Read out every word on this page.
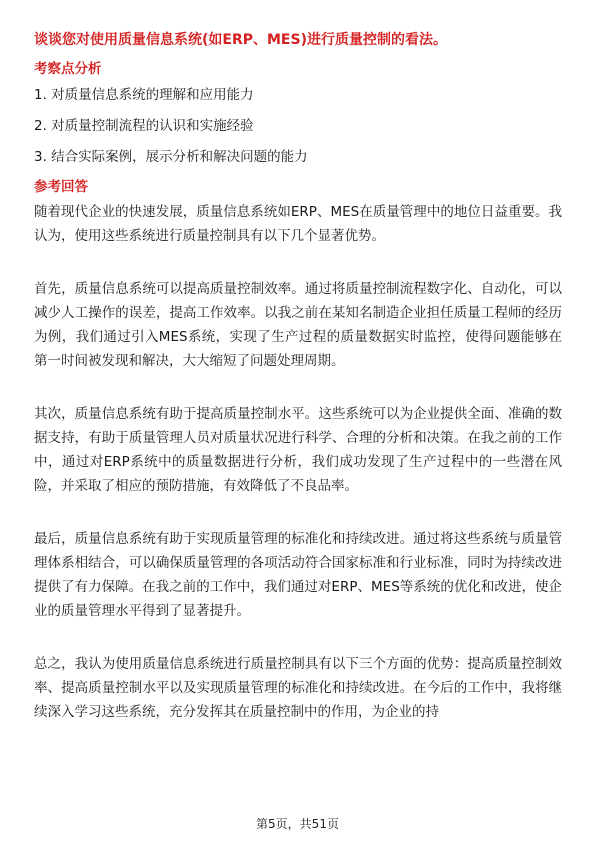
谈谈您对使用质量信息系统(如ERP、MES)进行质量控制的看法。
考察点分析
1. 对质量信息系统的理解和应用能力
2. 对质量控制流程的认识和实施经验
3. 结合实际案例，展示分析和解决问题的能力
参考回答

随着现代企业的快速发展，质量信息系统如ERP、MES在质量管理中的地位日益重要。我认为，使用这些系统进行质量控制具有以下几个显著优势。

首先，质量信息系统可以提高质量控制效率。通过将质量控制流程数字化、自动化，可以减少人工操作的误差，提高工作效率。以我之前在某知名制造企业担任质量工程师的经历为例，我们通过引入MES系统，实现了生产过程的质量数据实时监控，使得问题能够在第一时间被发现和解决，大大缩短了问题处理周期。

其次，质量信息系统有助于提高质量控制水平。这些系统可以为企业提供全面、准确的数据支持，有助于质量管理人员对质量状况进行科学、合理的分析和决策。在我之前的工作中，通过对ERP系统中的质量数据进行分析，我们成功发现了生产过程中的一些潜在风险，并采取了相应的预防措施，有效降低了不良品率。

最后，质量信息系统有助于实现质量管理的标准化和持续改进。通过将这些系统与质量管理体系相结合，可以确保质量管理的各项活动符合国家标准和行业标准，同时为持续改进提供了有力保障。在我之前的工作中，我们通过对ERP、MES等系统的优化和改进，使企业的质量管理水平得到了显著提升。

总之，我认为使用质量信息系统进行质量控制具有以下三个方面的优势：提高质量控制效率、提高质量控制水平以及实现质量管理的标准化和持续改进。在今后的工作中，我将继续深入学习这些系统，充分发挥其在质量控制中的作用，为企业的持

第5页，共51页
